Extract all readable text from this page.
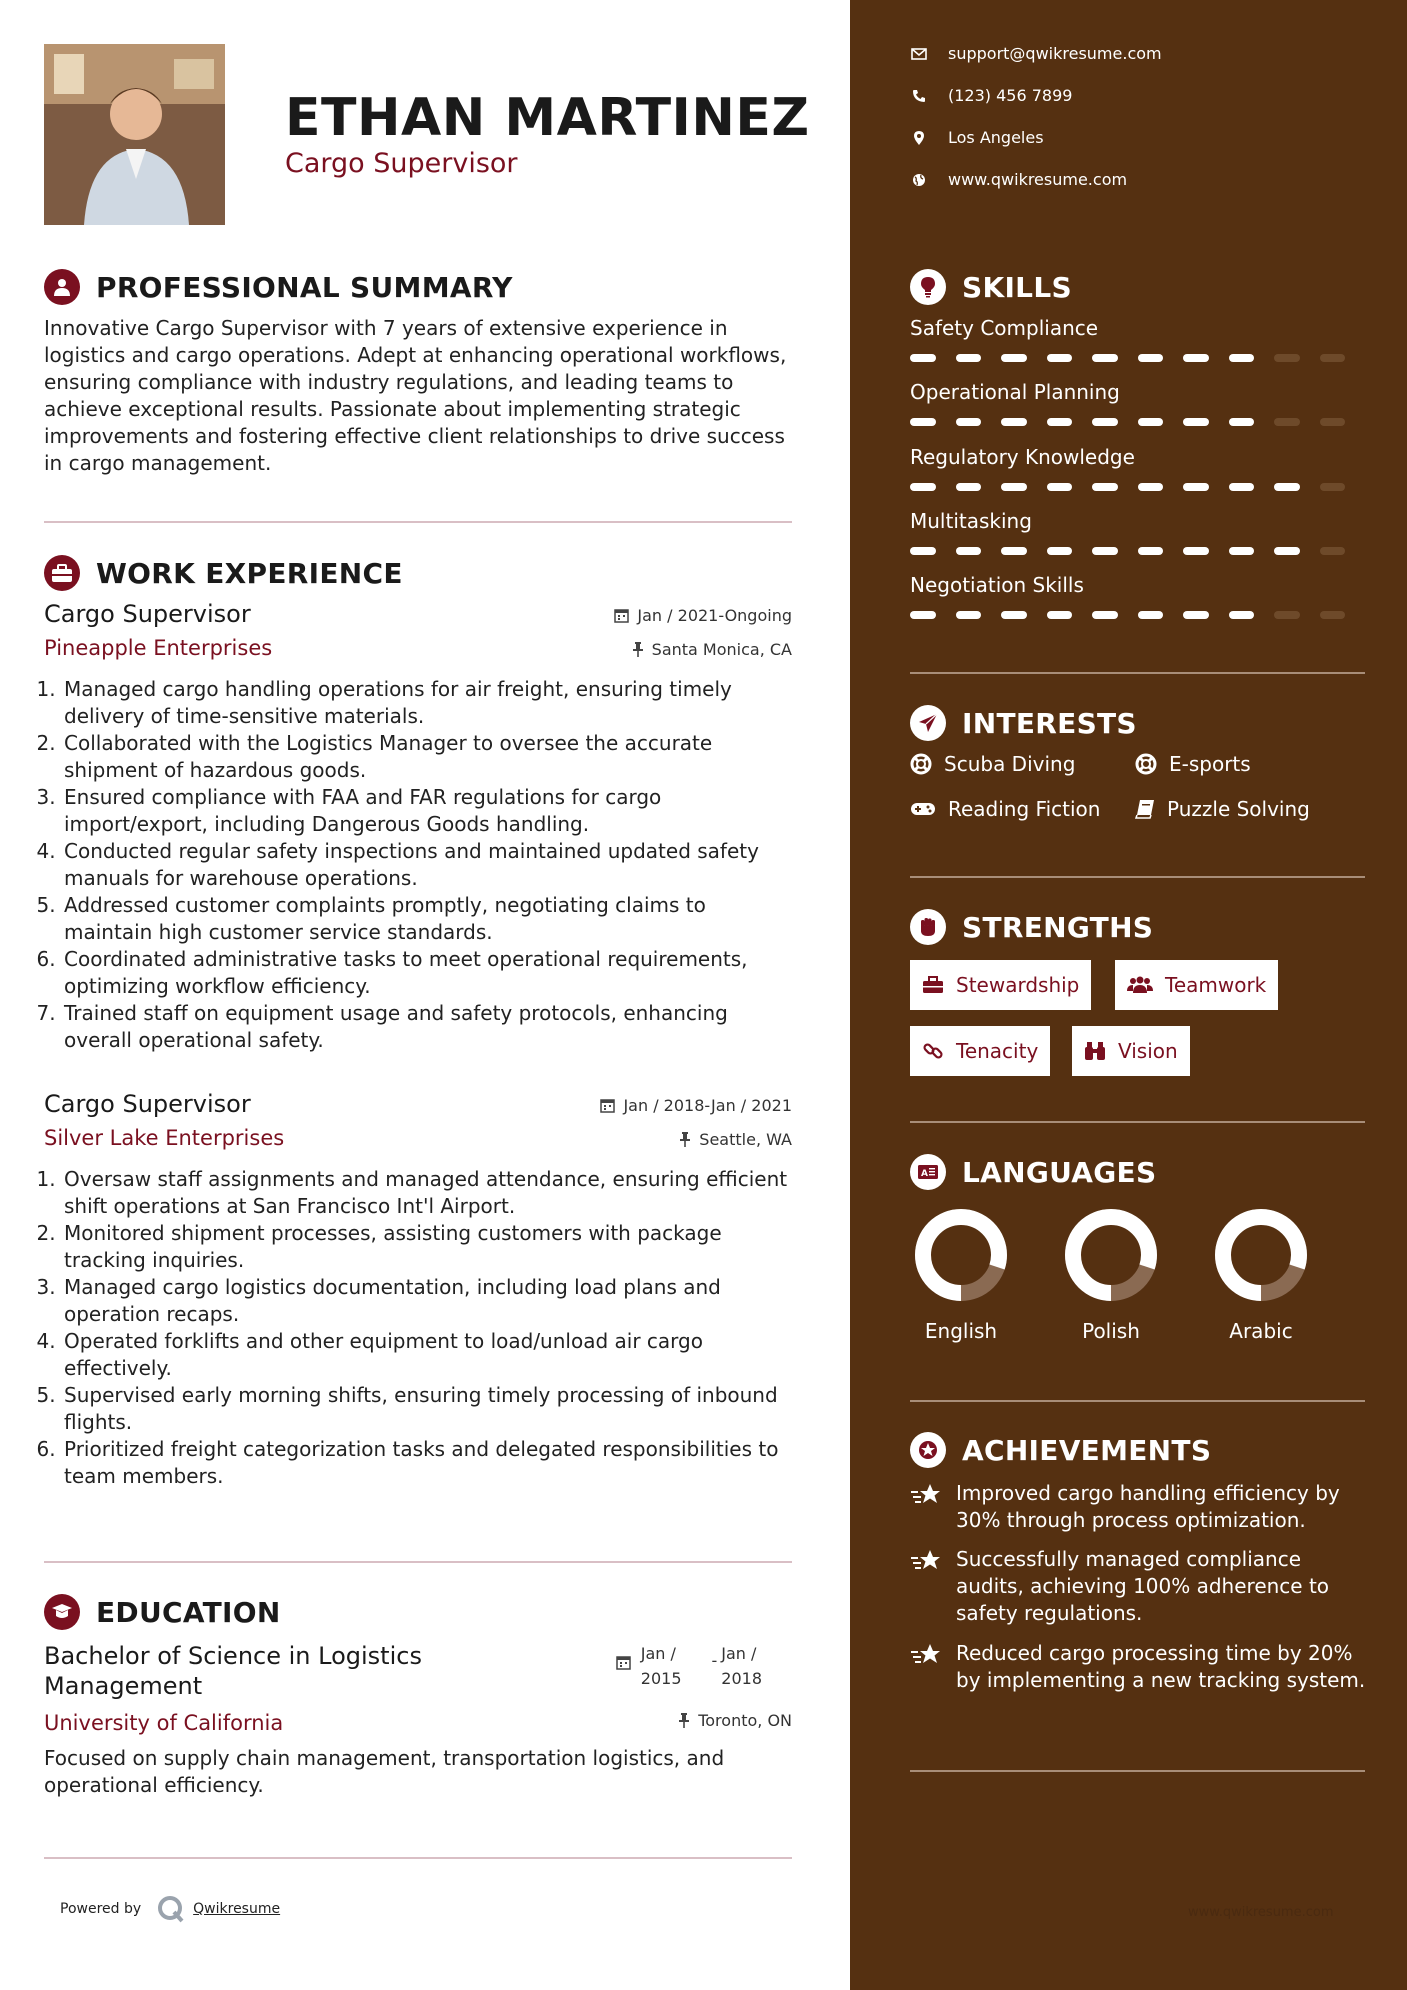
ETHAN MARTINEZ
Cargo Supervisor
PROFESSIONAL SUMMARY
Innovative Cargo Supervisor with 7 years of extensive experience in logistics and cargo operations. Adept at enhancing operational workflows, ensuring compliance with industry regulations, and leading teams to achieve exceptional results. Passionate about implementing strategic improvements and fostering effective client relationships to drive success in cargo management.
WORK EXPERIENCE
Cargo Supervisor
Pineapple Enterprises
Jan / 2021-Ongoing
Santa Monica, CA
1. Managed cargo handling operations for air freight, ensuring timely delivery of time-sensitive materials.
2. Collaborated with the Logistics Manager to oversee the accurate shipment of hazardous goods.
3. Ensured compliance with FAA and FAR regulations for cargo import/export, including Dangerous Goods handling.
4. Conducted regular safety inspections and maintained updated safety manuals for warehouse operations.
5. Addressed customer complaints promptly, negotiating claims to maintain high customer service standards.
6. Coordinated administrative tasks to meet operational requirements, optimizing workflow efficiency.
7. Trained staff on equipment usage and safety protocols, enhancing overall operational safety.
Cargo Supervisor
Silver Lake Enterprises
Jan / 2018-Jan / 2021
Seattle, WA
1. Oversaw staff assignments and managed attendance, ensuring efficient shift operations at San Francisco Int'l Airport.
2. Monitored shipment processes, assisting customers with package tracking inquiries.
3. Managed cargo logistics documentation, including load plans and operation recaps.
4. Operated forklifts and other equipment to load/unload air cargo effectively.
5. Supervised early morning shifts, ensuring timely processing of inbound flights.
6. Prioritized freight categorization tasks and delegated responsibilities to team members.
EDUCATION
Bachelor of Science in Logistics Management
University of California
Jan /
2015
- Jan /
2018
Toronto, ON
Focused on supply chain management, transportation logistics, and operational efficiency.
Powered by	Qwikresume
support@qwikresume.com
(123) 456 7899
Los Angeles
www.qwikresume.com
SKILLS
Safety Compliance
Operational Planning
Regulatory Knowledge
Multitasking
Negotiation Skills
INTERESTS
Scuba Diving	E-sports
Reading Fiction	Puzzle Solving
STRENGTHS
Stewardship	Teamwork
Tenacity	Vision
A LANGUAGES
English	Polish	Arabic
ACHIEVEMENTS
Improved cargo handling efficiency by 30% through process optimization.
Successfully managed compliance audits, achieving 100% adherence to safety regulations.
Reduced cargo processing time by 20% by implementing a new tracking system.
www.qwikresume.com
